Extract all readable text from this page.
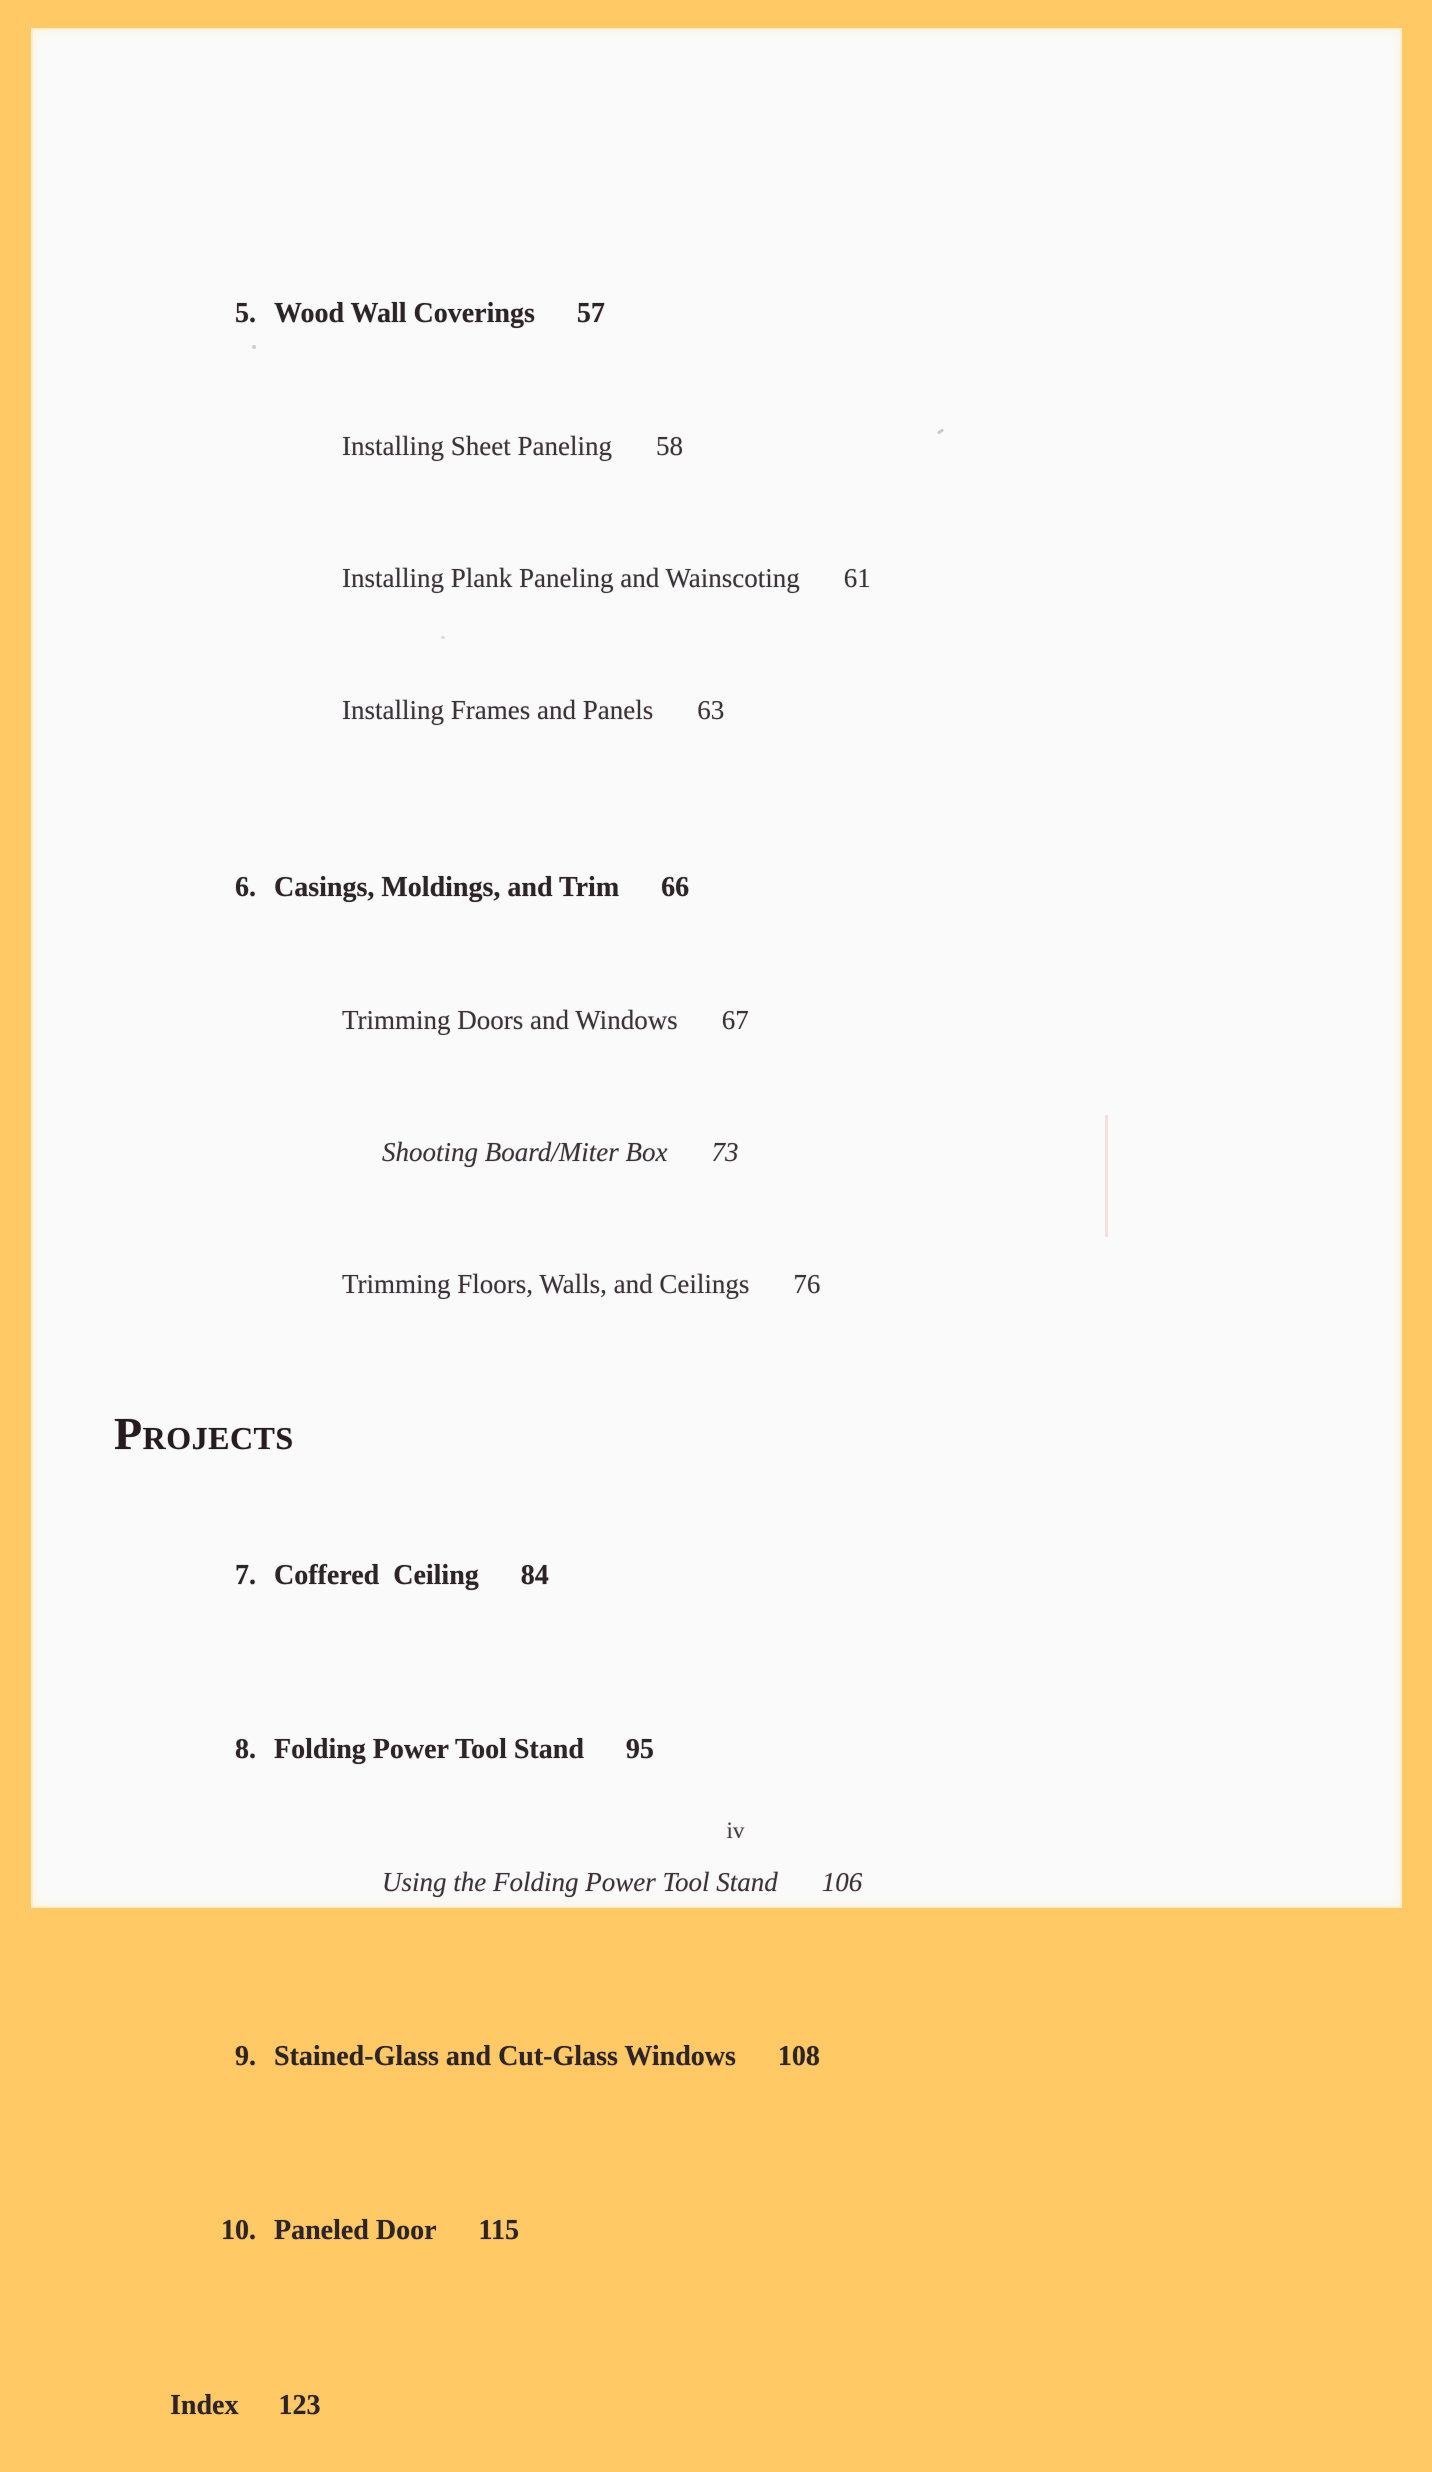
5. Wood Wall Coverings 57

Installing Sheet Paneling 58

Installing Plank Paneling and Wainscoting 61

Installing Frames and Panels 63

6. Casings, Moldings, and Trim 66

Trimming Doors and Windows 67

Shooting Board/Miter Box 73

Trimming Floors, Walls, and Ceilings 76

Projects

7. Coffered  Ceiling 84

8. Folding Power Tool Stand 95

Using the Folding Power Tool Stand 106

9. Stained-Glass and Cut-Glass Windows 108

10. Paneled Door 115

Index 123

iv
